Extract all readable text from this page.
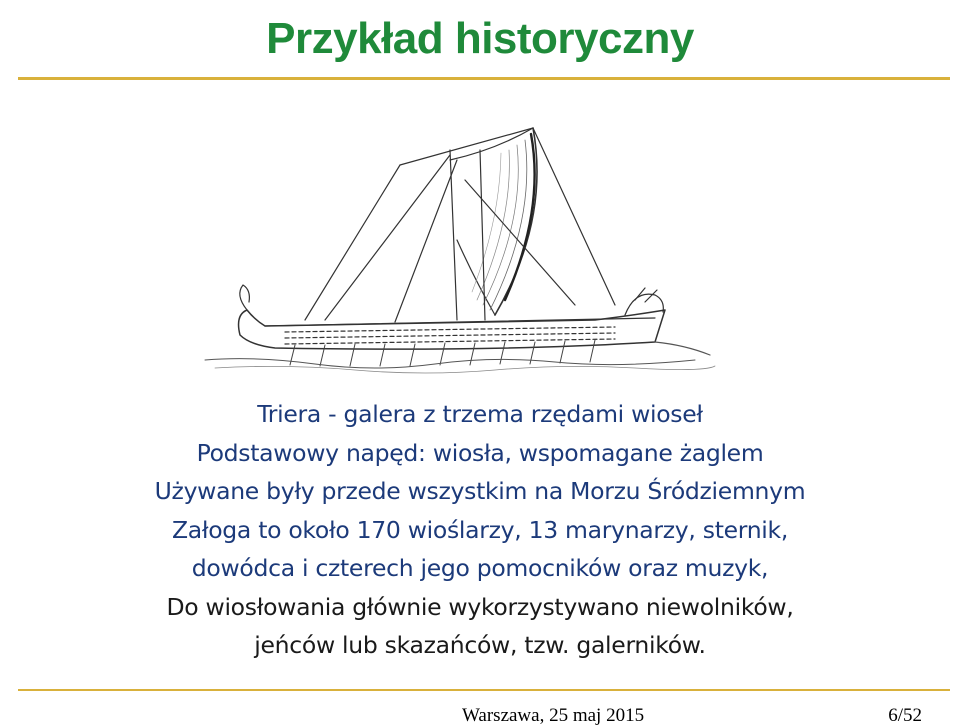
Przykład historyczny
Triera - galera z trzema rzędami wioseł
Podstawowy napęd: wiosła, wspomagane żaglem
Używane były przede wszystkim na Morzu Śródziemnym
Załoga to około 170 wioślarzy, 13 marynarzy, sternik,
dowódca i czterech jego pomocników oraz muzyk,
Do wiosłowania głównie wykorzystywano niewolników,
jeńców lub skazańców, tzw. galerników.
Warszawa, 25 maj 2015	6/52
